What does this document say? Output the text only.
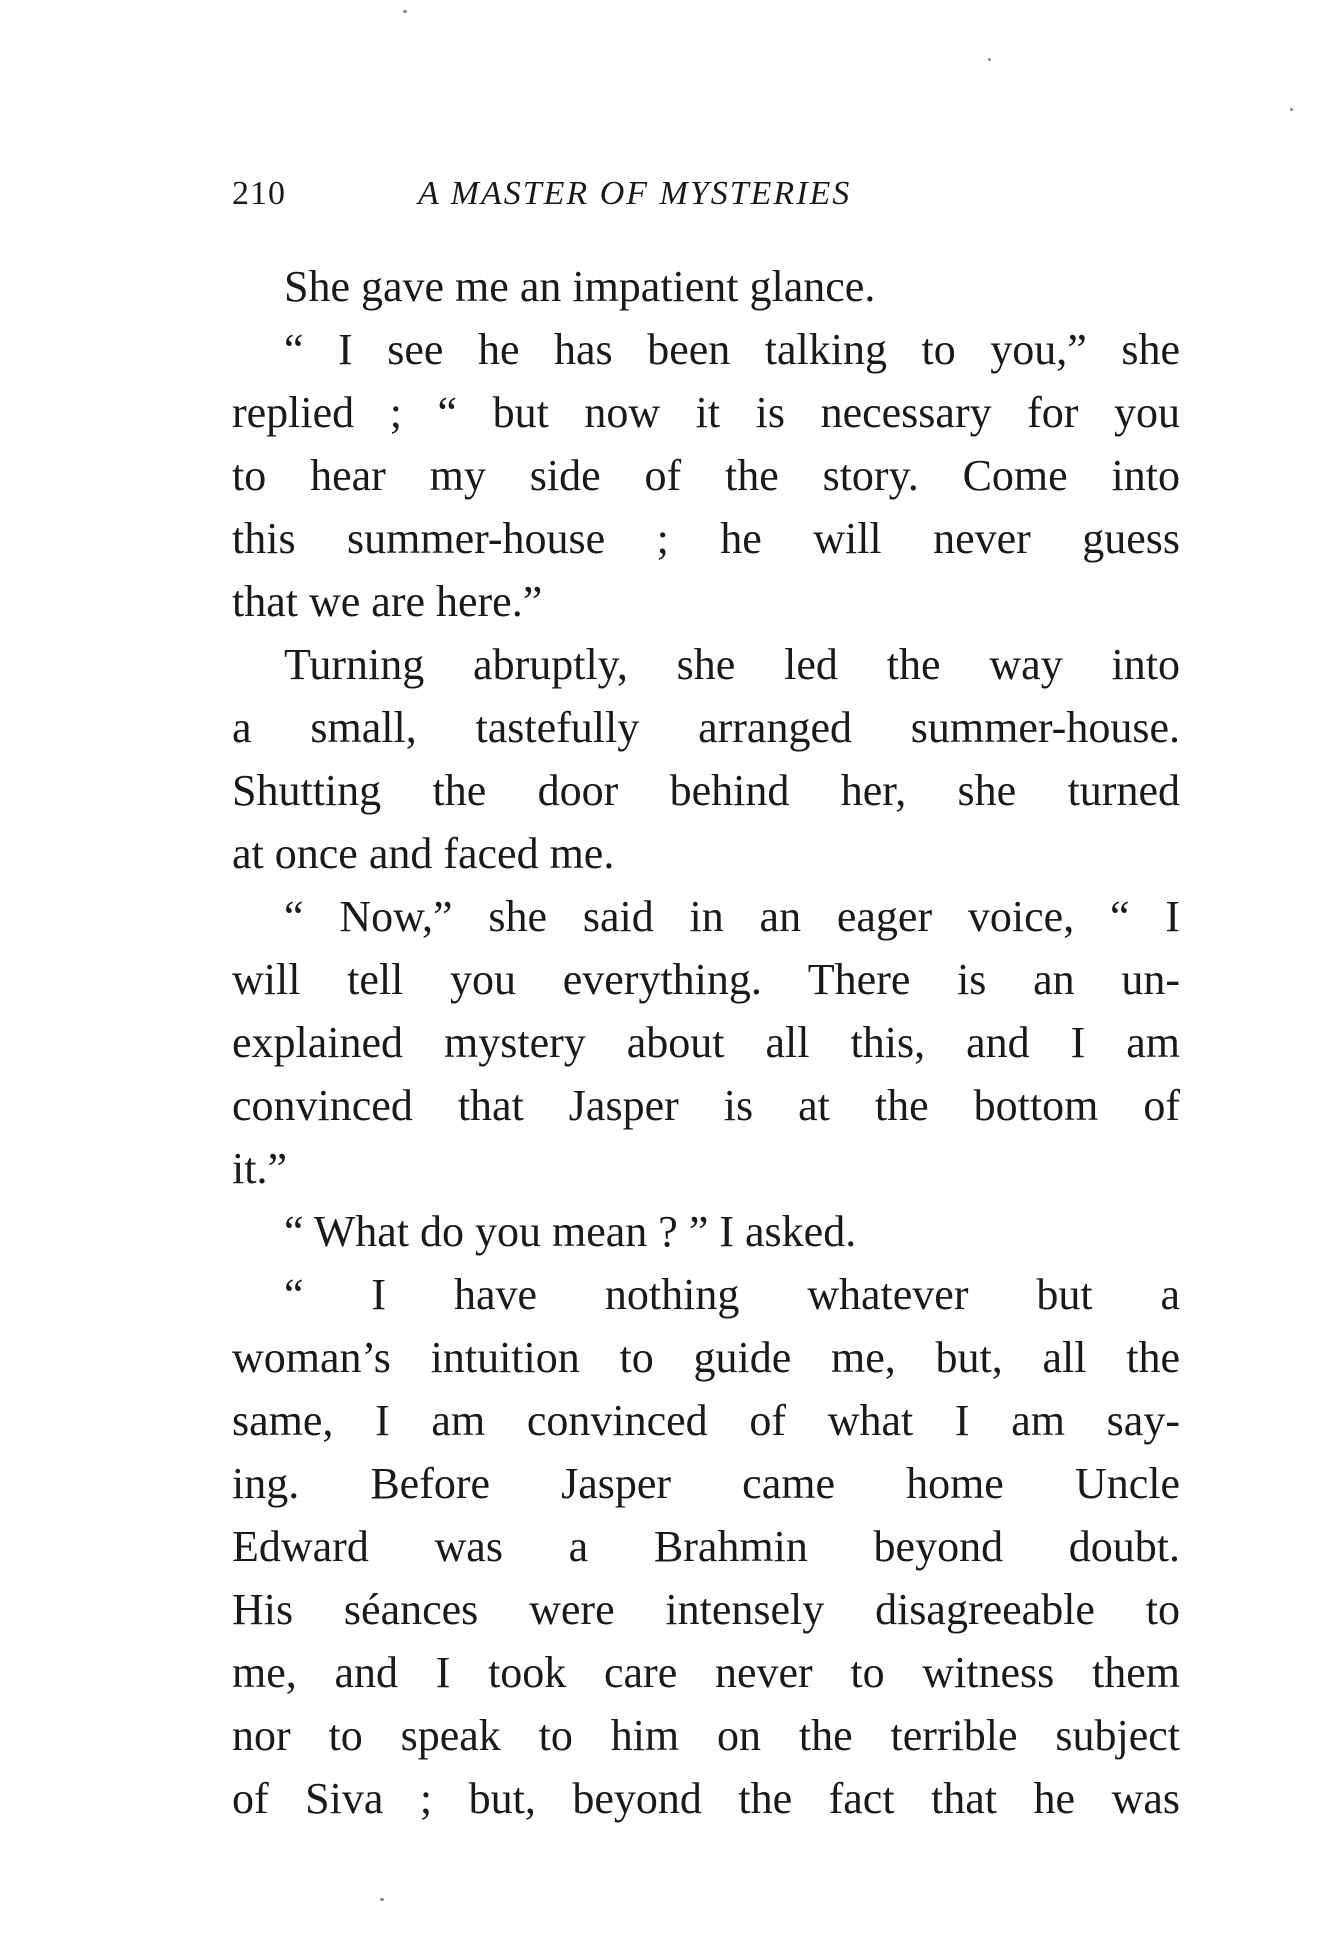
210	A MASTER OF MYSTERIES
She gave me an impatient glance.
“ I see he has been talking to you,” she
replied ; “ but now it is necessary for you
to hear my side of the story. Come into
this summer-house ; he will never guess
that we are here.”
Turning abruptly, she led the way into
a small, tastefully arranged summer-house.
Shutting the door behind her, she turned
at once and faced me.
“ Now,” she said in an eager voice, “ I
will tell you everything. There is an un-
explained mystery about all this, and I am
convinced that Jasper is at the bottom of
it.”
“ What do you mean ? ” I asked.
“ I have nothing whatever but a
woman’s intuition to guide me, but, all the
same, I am convinced of what I am say-
ing. Before Jasper came home Uncle
Edward was a Brahmin beyond doubt.
His séances were intensely disagreeable to
me, and I took care never to witness them
nor to speak to him on the terrible subject
of Siva ; but, beyond the fact that he was
